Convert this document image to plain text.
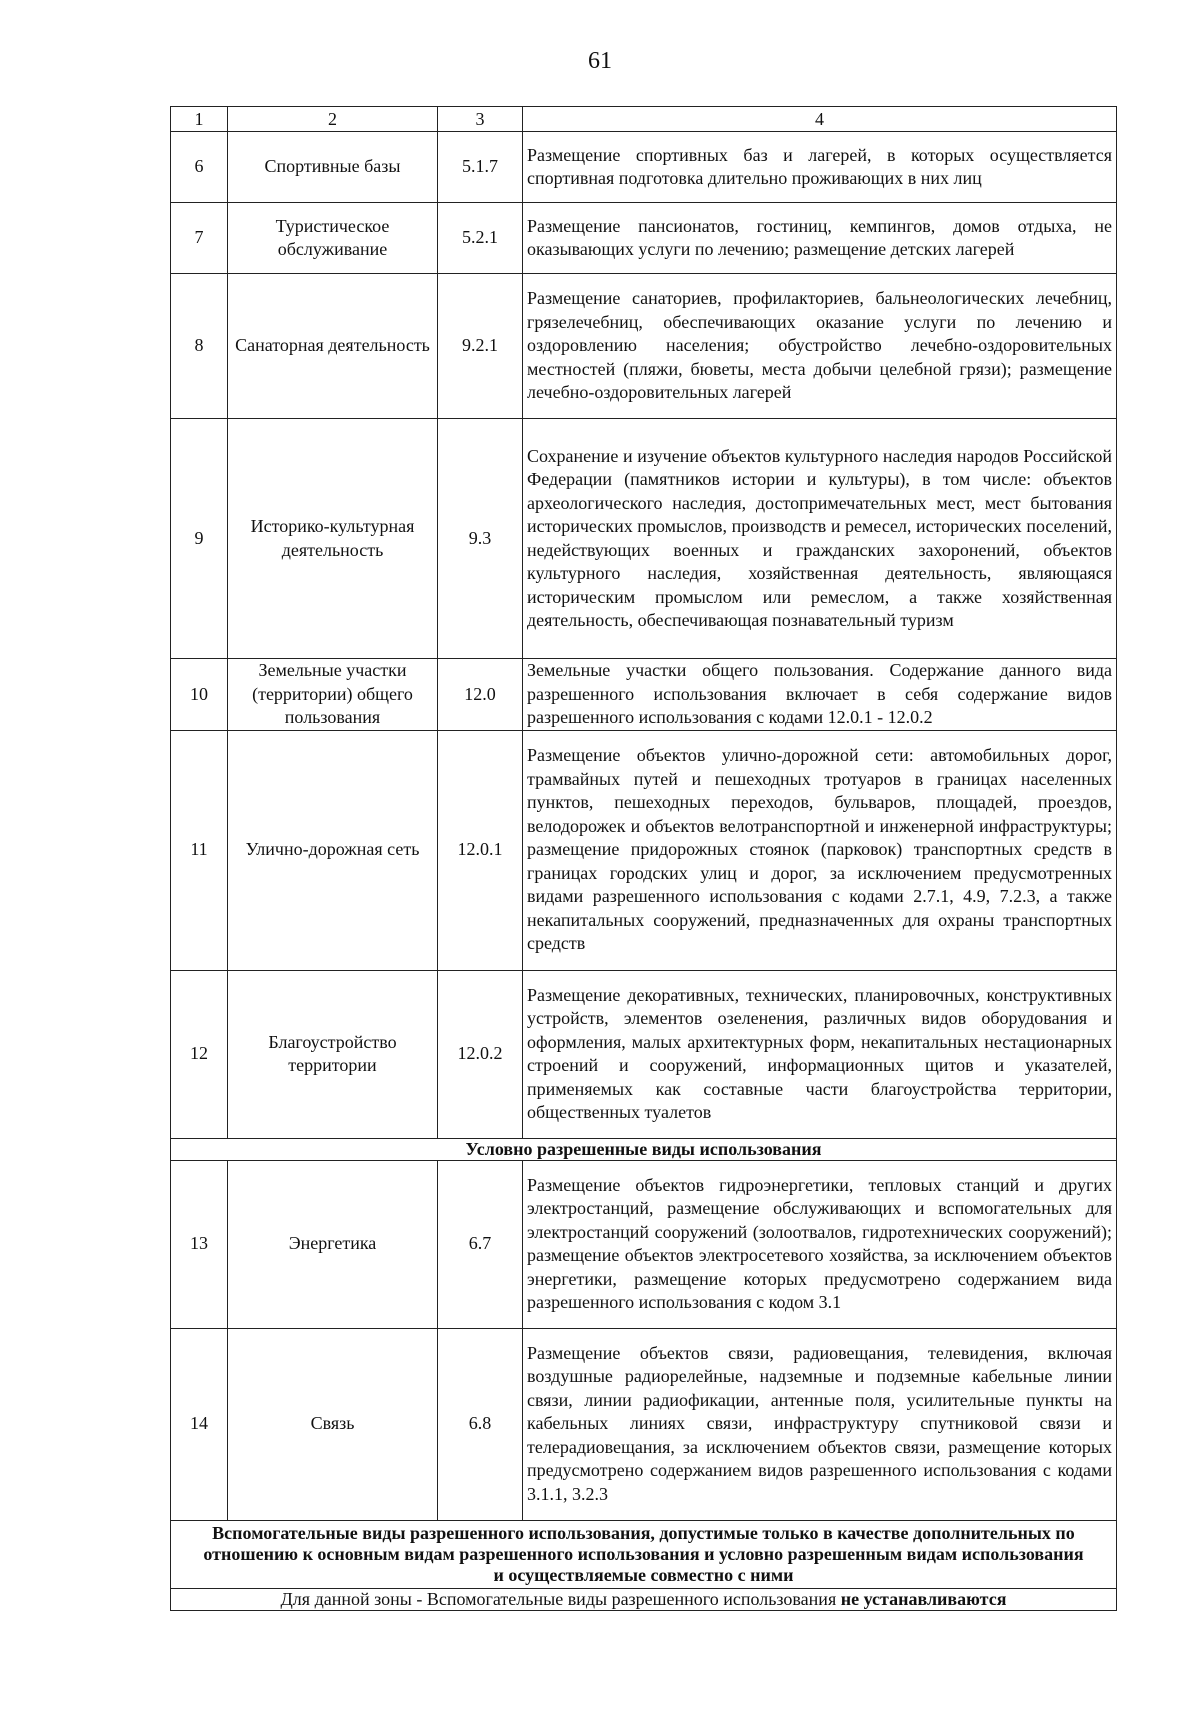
61
1	2	3	4
6	Спортивные базы	5.1.7	Размещение спортивных баз и лагерей, в которых осуществляется спортивная подготовка длительно проживающих в них лиц
7	Туристическое обслуживание	5.2.1	Размещение пансионатов, гостиниц, кемпингов, домов отдыха, не оказывающих услуги по лечению; размещение детских лагерей
8	Санаторная деятельность	9.2.1	Размещение санаториев, профилакториев, бальнеологических лечебниц, грязелечебниц, обеспечивающих оказание услуги по лечению и оздоровлению населения; обустройство лечебно-оздоровительных местностей (пляжи, бюветы, места добычи целебной грязи); размещение лечебно-оздоровительных лагерей
9	Историко-культурная деятельность	9.3	Сохранение и изучение объектов культурного наследия народов Российской Федерации (памятников истории и культуры), в том числе: объектов археологического наследия, достопримечательных мест, мест бытования исторических промыслов, производств и ремесел, исторических поселений, недействующих военных и гражданских захоронений, объектов культурного наследия, хозяйственная деятельность, являющаяся историческим промыслом или ремеслом, а также хозяйственная деятельность, обеспечивающая познавательный туризм
10	Земельные участки (территории) общего пользования	12.0	Земельные участки общего пользования. Содержание данного вида разрешенного использования включает в себя содержание видов разрешенного использования с кодами 12.0.1 - 12.0.2
11	Улично-дорожная сеть	12.0.1	Размещение объектов улично-дорожной сети: автомобильных дорог, трамвайных путей и пешеходных тротуаров в границах населенных пунктов, пешеходных переходов, бульваров, площадей, проездов, велодорожек и объектов велотранспортной и инженерной инфраструктуры; размещение придорожных стоянок (парковок) транспортных средств в границах городских улиц и дорог, за исключением предусмотренных видами разрешенного использования с кодами 2.7.1, 4.9, 7.2.3, а также некапитальных сооружений, предназначенных для охраны транспортных средств
12	Благоустройство территории	12.0.2	Размещение декоративных, технических, планировочных, конструктивных устройств, элементов озеленения, различных видов оборудования и оформления, малых архитектурных форм, некапитальных нестационарных строений и сооружений, информационных щитов и указателей, применяемых как составные части благоустройства территории, общественных туалетов
Условно разрешенные виды использования			
13	Энергетика	6.7	Размещение объектов гидроэнергетики, тепловых станций и других электростанций, размещение обслуживающих и вспомогательных для электростанций сооружений (золоотвалов, гидротехнических сооружений); размещение объектов электросетевого хозяйства, за исключением объектов энергетики, размещение которых предусмотрено содержанием вида разрешенного использования с кодом 3.1
14	Связь	6.8	Размещение объектов связи, радиовещания, телевидения, включая воздушные радиорелейные, надземные и подземные кабельные линии связи, линии радиофикации, антенные поля, усилительные пункты на кабельных линиях связи, инфраструктуру спутниковой связи и телерадиовещания, за исключением объектов связи, размещение которых предусмотрено содержанием видов разрешенного использования с кодами 3.1.1, 3.2.3
Вспомогательные виды разрешенного использования, допустимые только в качестве дополнительных по отношению к основным видам разрешенного использования и условно разрешенным видам использования и осуществляемые совместно с ними			
Для данной зоны - Вспомогательные виды разрешенного использования не устанавливаются			
